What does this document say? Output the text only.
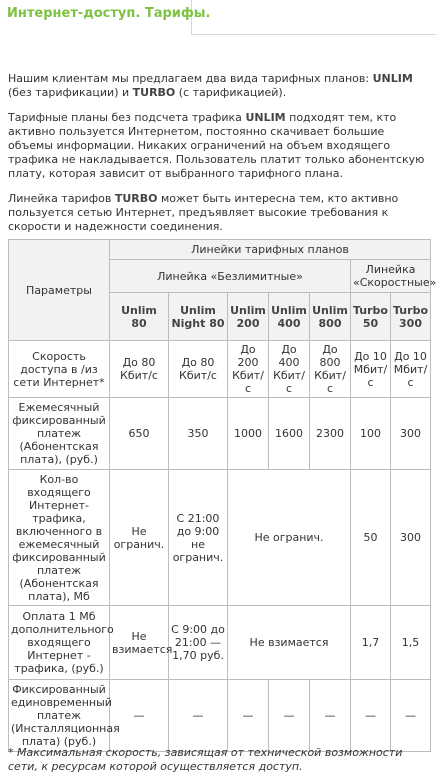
Интернет-доступ. Тарифы.

Нашим клиентам мы предлагаем два вида тарифных планов: UNLIM (без тарификации) и TURBO (с тарификацией).

Тарифные планы без подсчета трафика UNLIM подходят тем, кто активно пользуется Интернетом, постоянно скачивает большие объемы информации. Никаких ограничений на объем входящего трафика не накладывается. Пользователь платит только абонентскую плату, которая зависит от выбранного тарифного плана.

Линейка тарифов TURBO может быть интересна тем, кто активно пользуется сетью Интернет, предъявляет высокие требования к скорости и надежности соединения.

Параметры	Линейки тарифных планов						
	Линейка «Безлимитные»					Линейка «Скоростные»	
	Unlim 80	Unlim Night 80	Unlim 200	Unlim 400	Unlim 800	Turbo 50	Turbo 300
Скорость доступа в /из сети Интернет*	До 80 Кбит/с	До 80 Кбит/с	До 200 Кбит/с	До 400 Кбит/с	До 800 Кбит/с	До 10 Мбит/с	До 10 Мбит/с
Ежемесячный фиксированный платеж (Абонентская плата), (руб.)	650	350	1000	1600	2300	100	300
Кол-во входящего Интернет-трафика, включенного в ежемесячный фиксированный платеж (Абонентская плата), Мб	Не огранич.	С 21:00 до 9:00 не огранич.	Не огранич.			50	300
Оплата 1 Мб дополнительного входящего Интернет - трафика, (руб.)	Не взимается	С 9:00 до 21:00 — 1,70 руб.	Не взимается			1,7	1,5
Фиксированный единовременный платеж (Инсталляционная плата) (руб.)	—	—	—	—	—	—	—
* Максимальная скорость, зависящая от технической возможности сети, к ресурсам которой осуществляется доступ.
